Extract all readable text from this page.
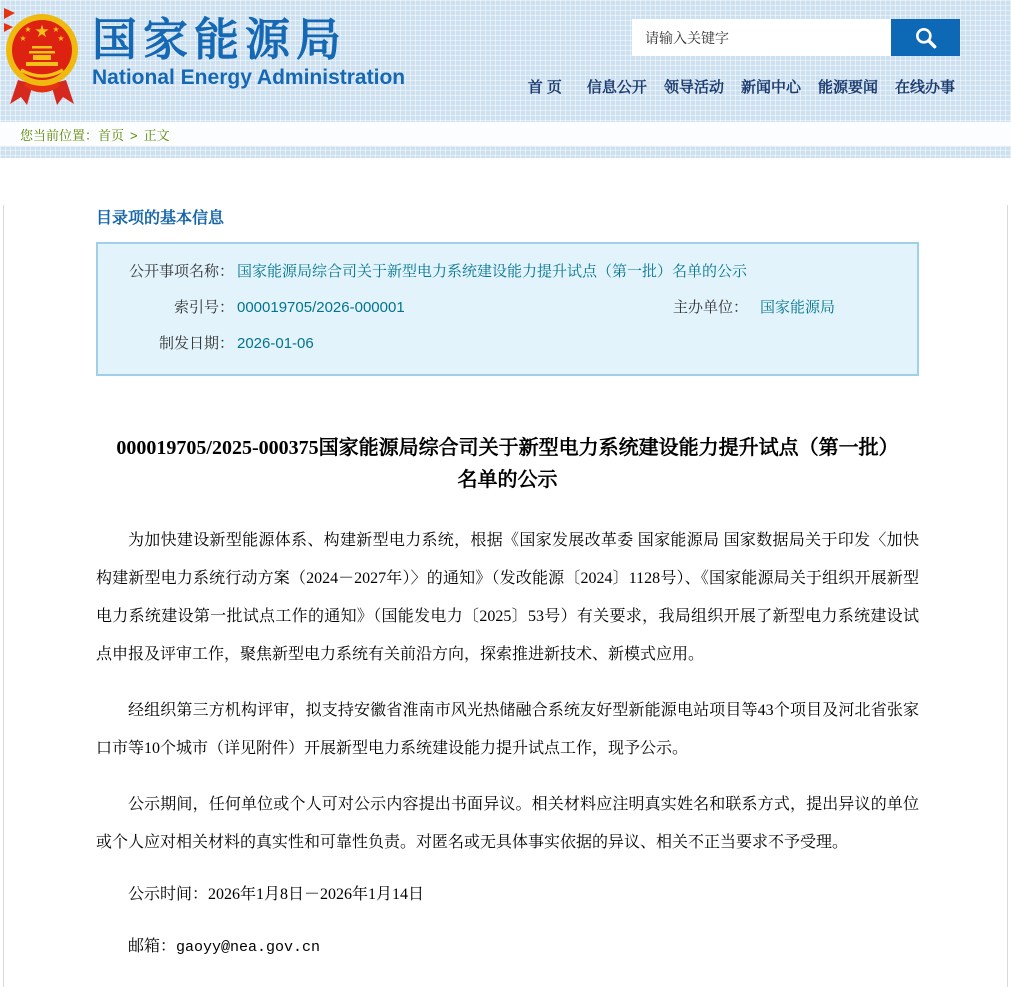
★ ★
★
★
★ 国家能源局
National Energy Administration
请输入关键字	首 页 信息公开 领导活动 新闻中心 能源要闻 在线办事
您当前位置：首页 > 正文
目录项的基本信息
公开事项名称： 国家能源局综合司关于新型电力系统建设能力提升试点（第一批）名单的公示
索引号： 000019705/2026-000001	主办单位： 国家能源局
制发日期： 2026-01-06
000019705/2025-000375国家能源局综合司关于新型电力系统建设能力提升试点（第一批）名单的公示

为加快建设新型能源体系、构建新型电力系统，根据《国家发展改革委 国家能源局 国家数据局关于印发〈加快构建新型电力系统行动方案（2024－2027年）〉的通知》（发改能源〔2024〕1128号）、《国家能源局关于组织开展新型电力系统建设第一批试点工作的通知》（国能发电力〔2025〕53号）有关要求，我局组织开展了新型电力系统建设试点申报及评审工作，聚焦新型电力系统有关前沿方向，探索推进新技术、新模式应用。

经组织第三方机构评审，拟支持安徽省淮南市风光热储融合系统友好型新能源电站项目等43个项目及河北省张家口市等10个城市（详见附件）开展新型电力系统建设能力提升试点工作，现予公示。

公示期间，任何单位或个人可对公示内容提出书面异议。相关材料应注明真实姓名和联系方式，提出异议的单位或个人应对相关材料的真实性和可靠性负责。对匿名或无具体事实依据的异议、相关不正当要求不予受理。

公示时间：2026年1月8日－2026年1月14日

邮箱：gaoyy@nea.gov.cn
